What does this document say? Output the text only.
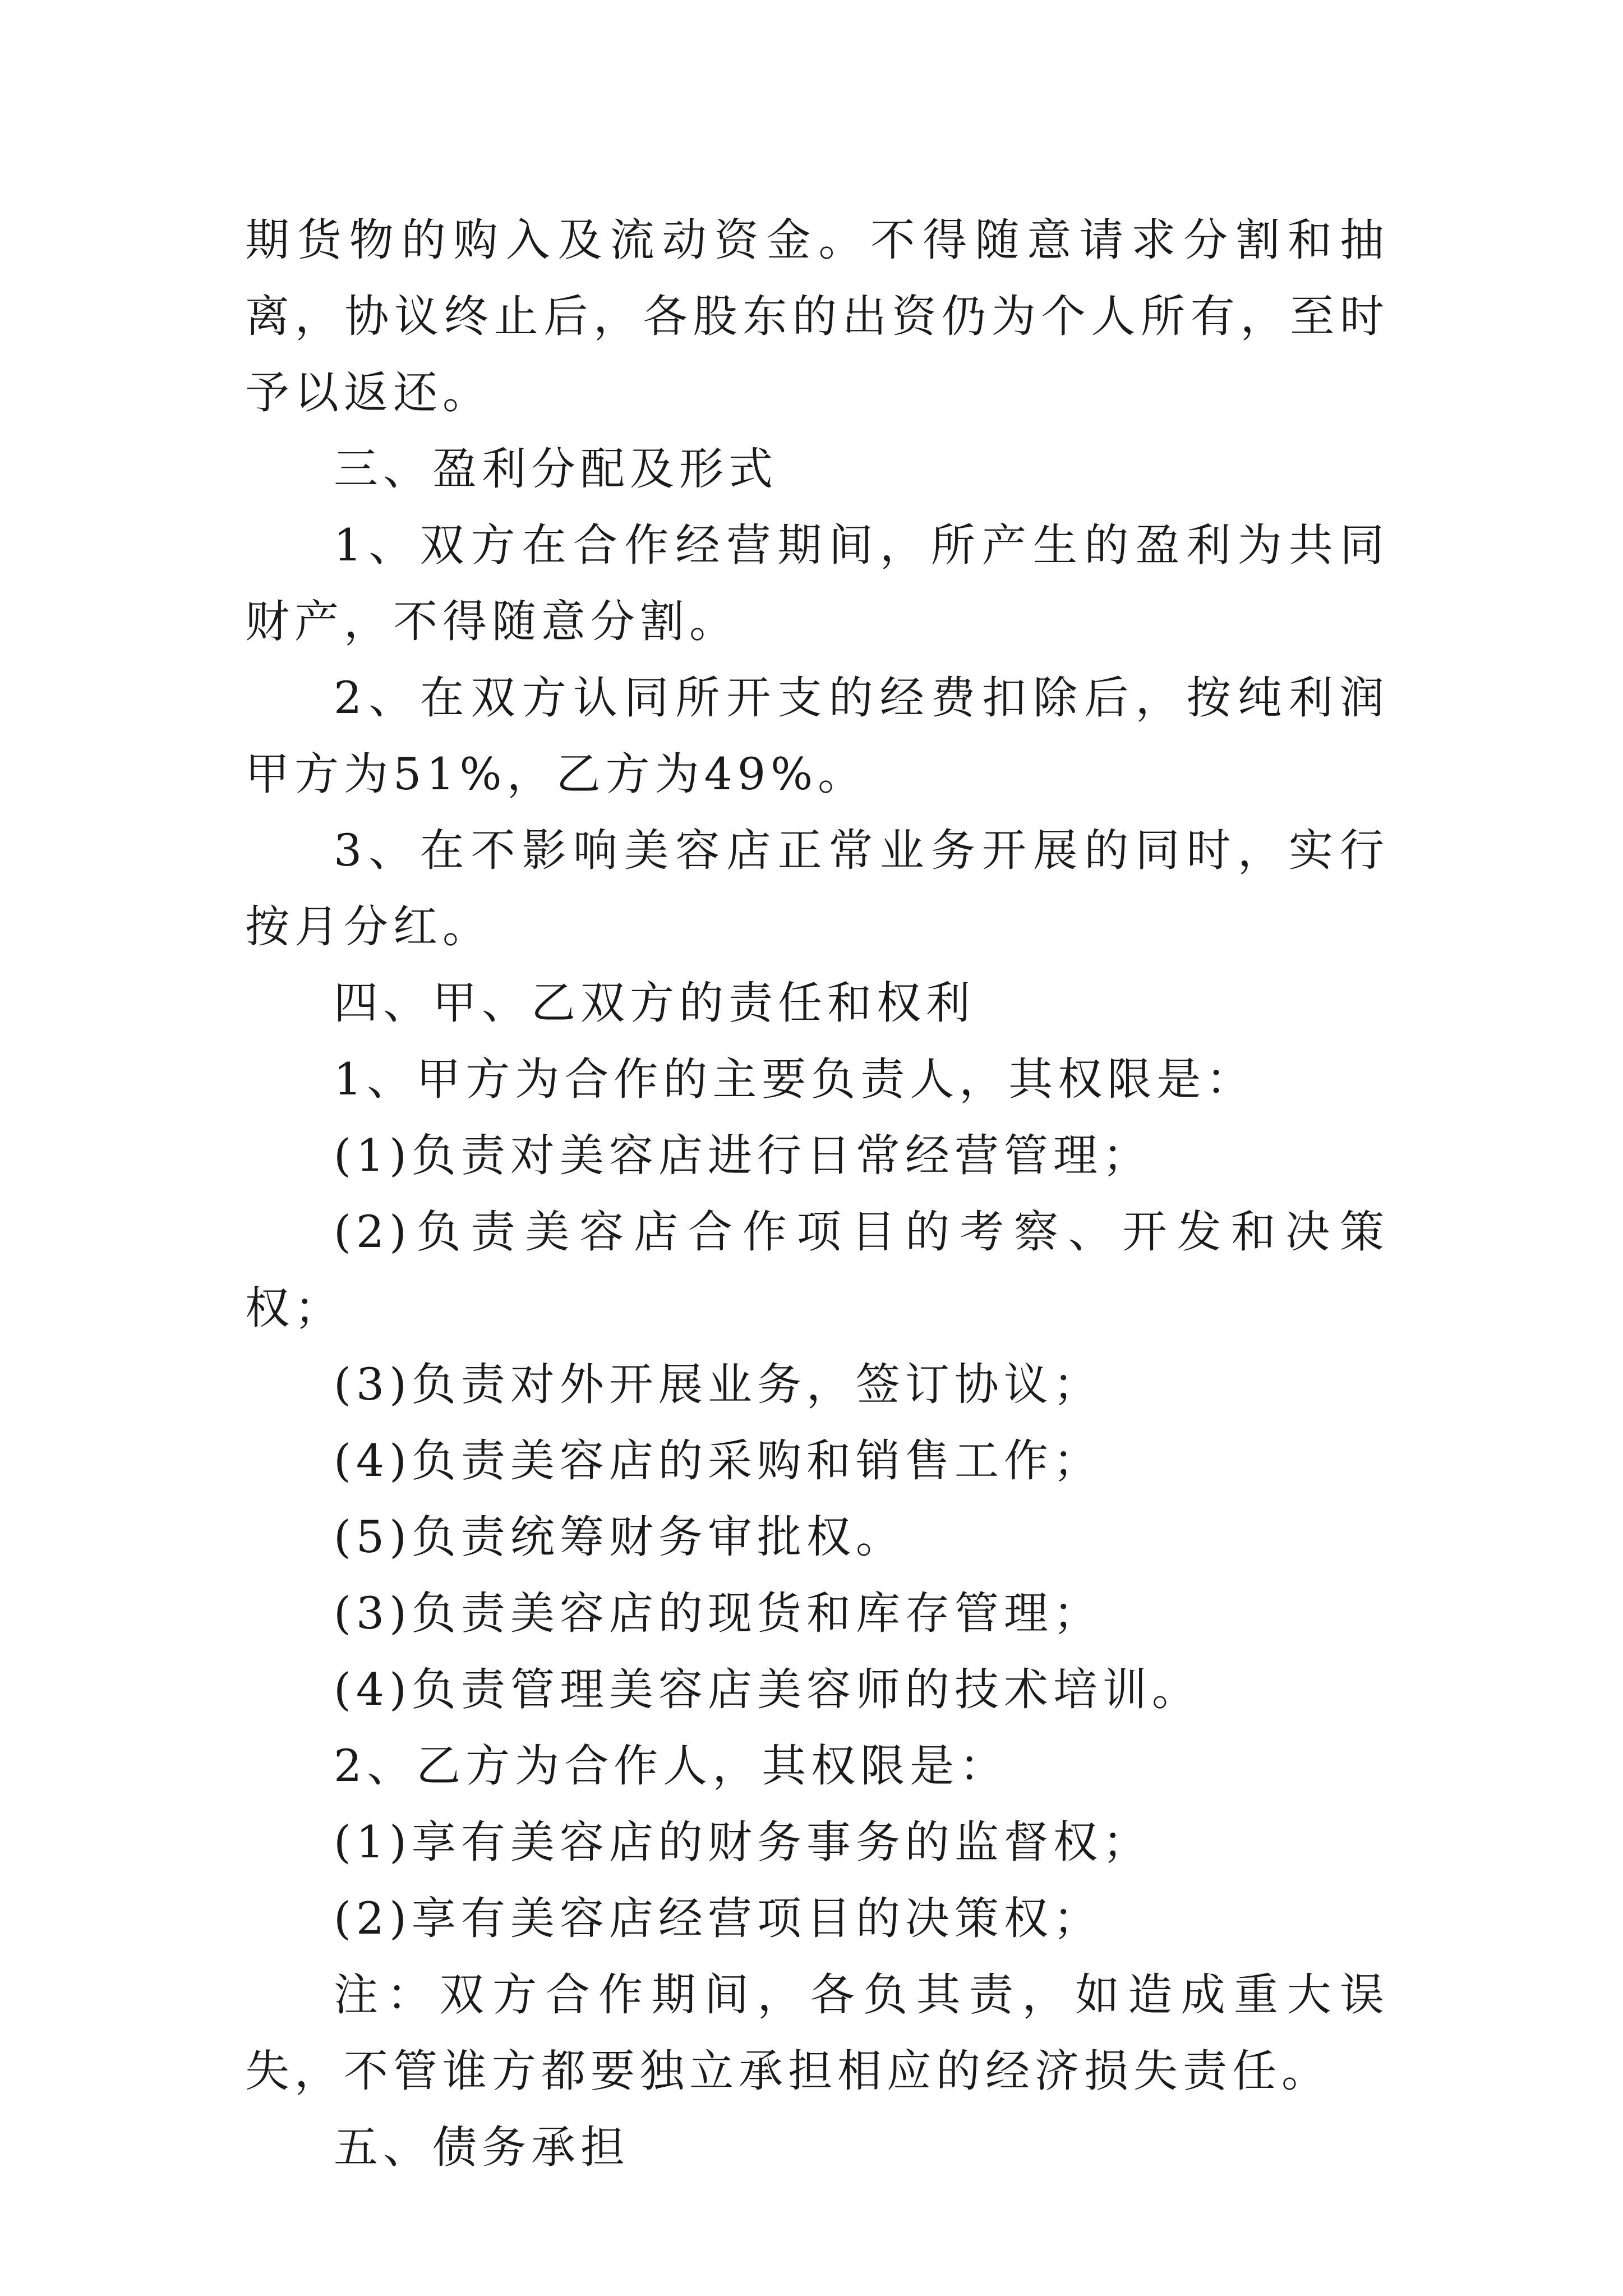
期货物的购入及流动资金。不得随意请求分割和抽离，协议终止后，各股东的出资仍为个人所有，至时予以返还。

三、盈利分配及形式

1、双方在合作经营期间，所产生的盈利为共同财产，不得随意分割。

2、在双方认同所开支的经费扣除后，按纯利润甲方为51%，乙方为49%。

3、在不影响美容店正常业务开展的同时，实行按月分红。

四、甲、乙双方的责任和权利

1、甲方为合作的主要负责人，其权限是：

(1)负责对美容店进行日常经营管理；

(2)负责美容店合作项目的考察、开发和决策权；

(3)负责对外开展业务，签订协议；

(4)负责美容店的采购和销售工作；

(5)负责统筹财务审批权。

(3)负责美容店的现货和库存管理；

(4)负责管理美容店美容师的技术培训。

2、乙方为合作人，其权限是：

(1)享有美容店的财务事务的监督权；

(2)享有美容店经营项目的决策权；

注：双方合作期间，各负其责，如造成重大误失，不管谁方都要独立承担相应的经济损失责任。

五、债务承担
